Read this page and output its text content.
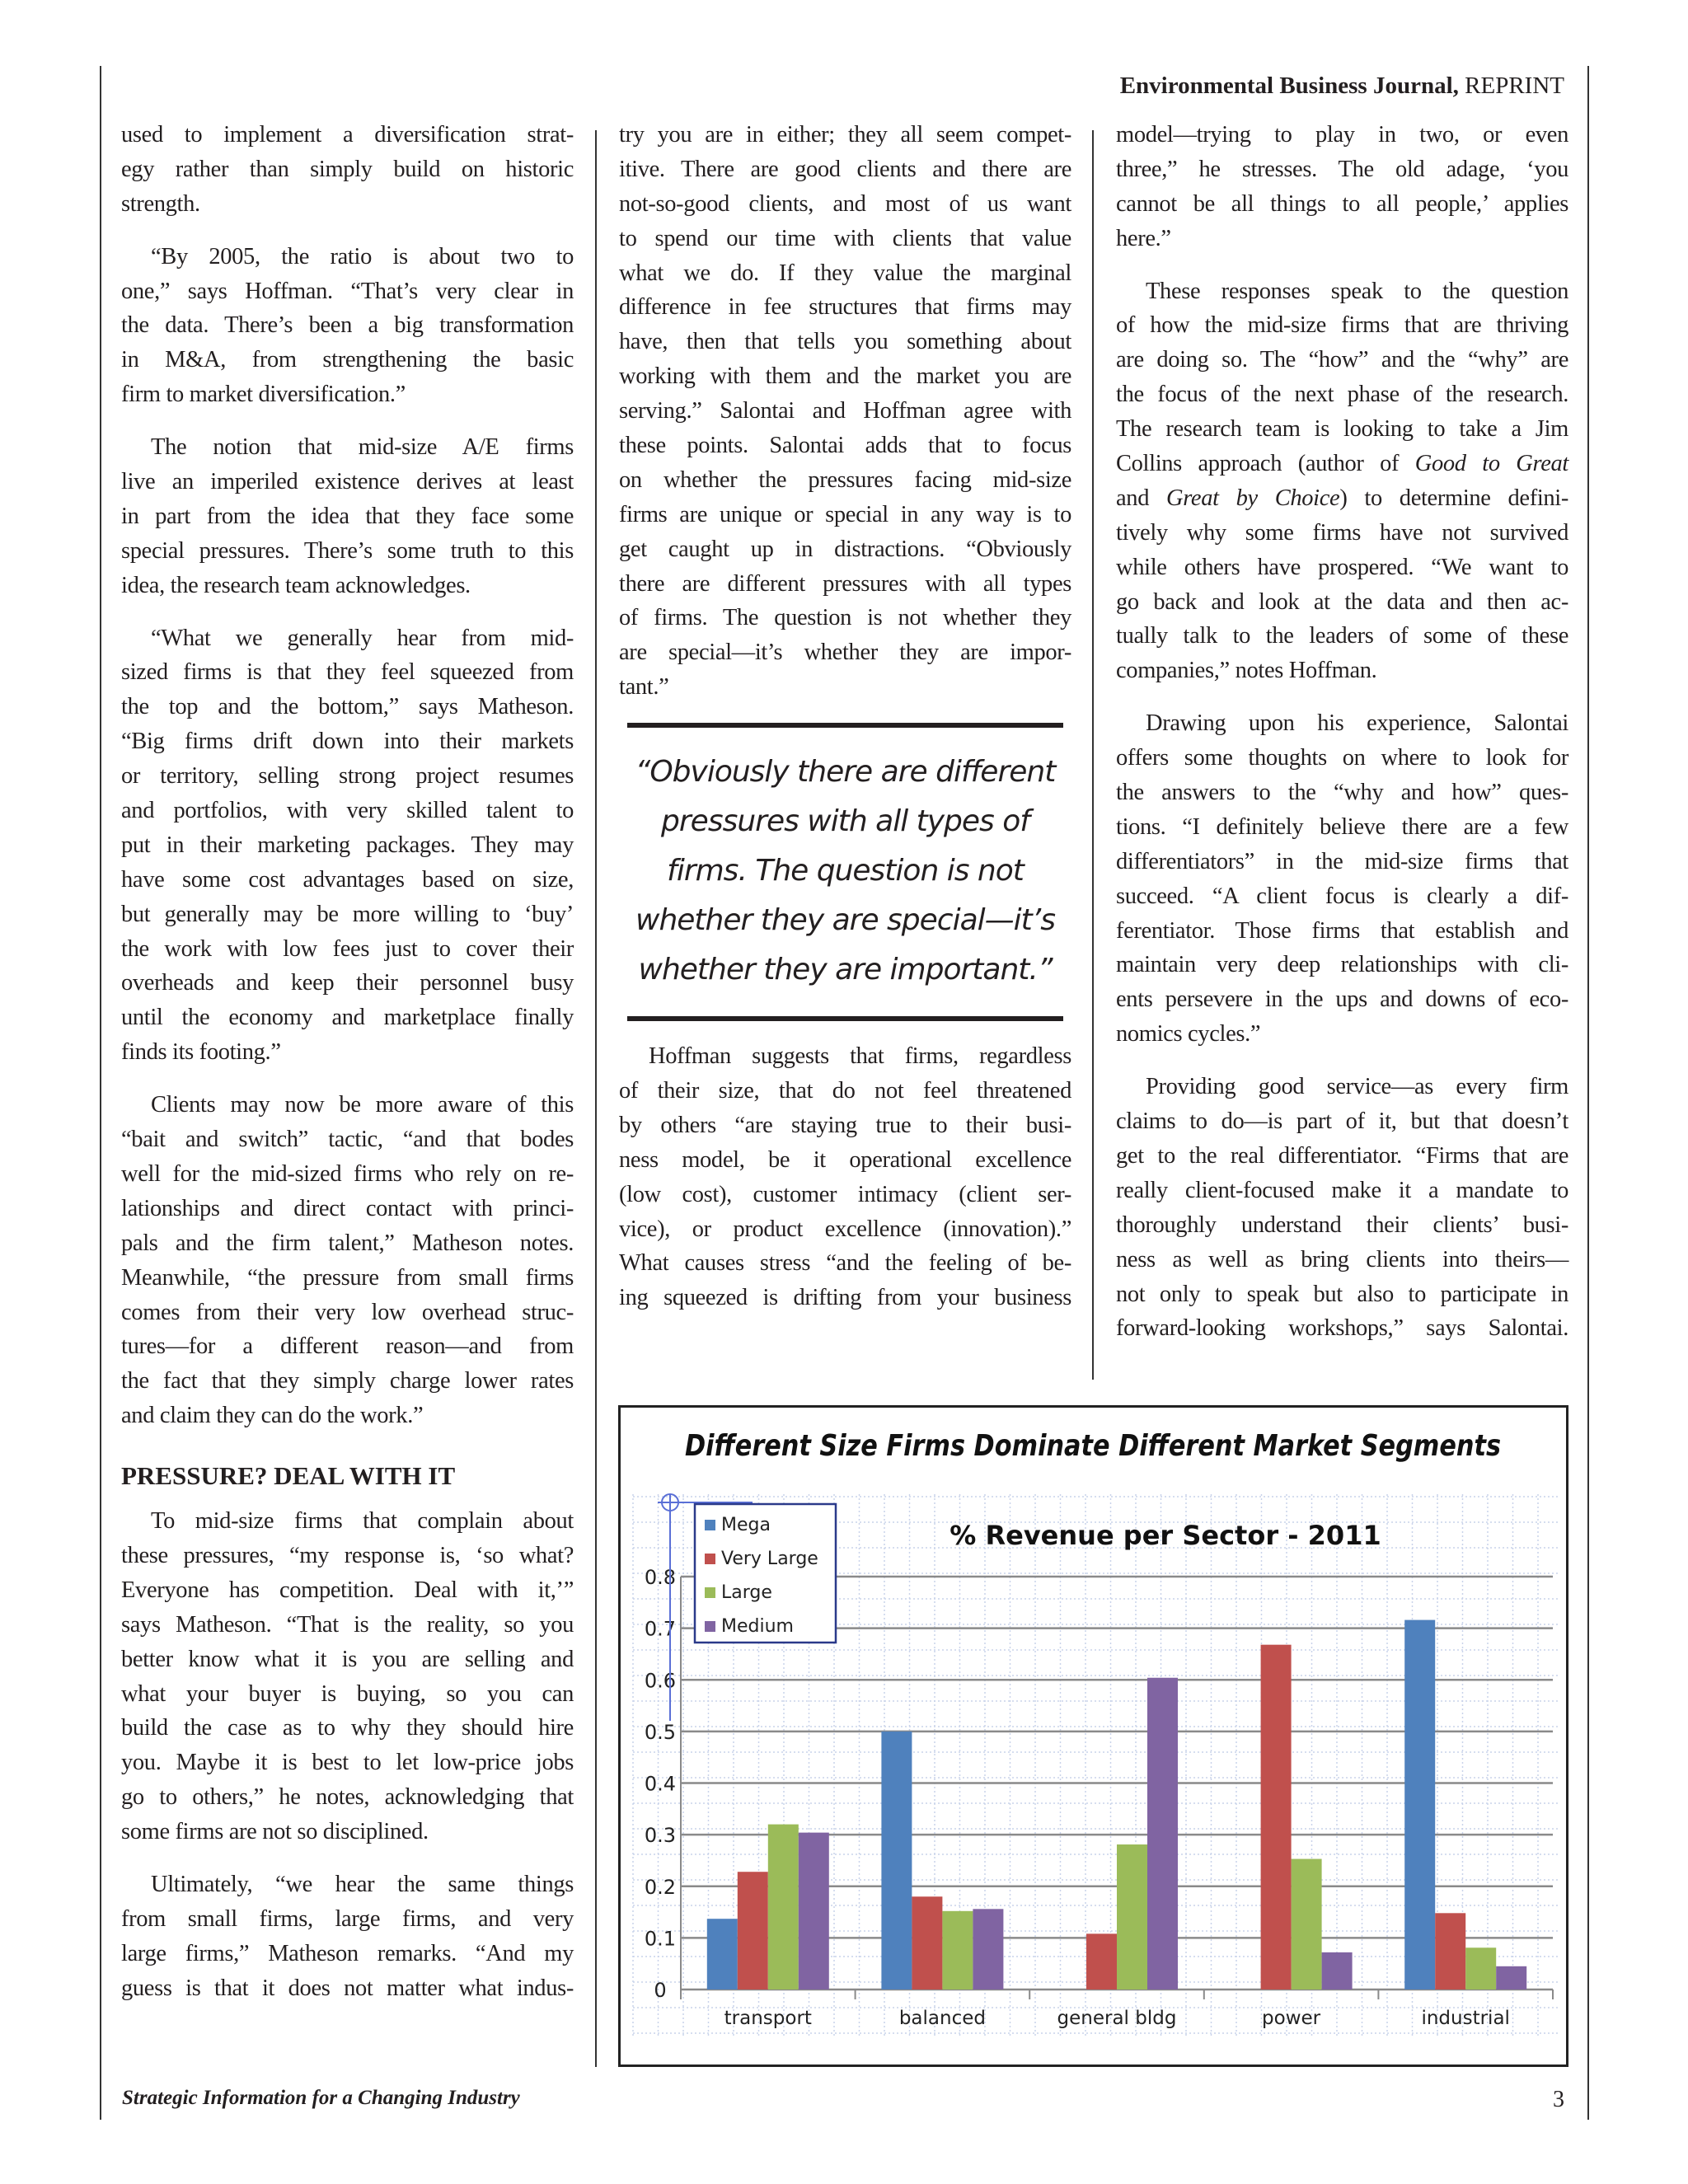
Environmental Business Journal, REPRINT
used to implement a diversification strat-
egy rather than simply build on historic
strength.
“By 2005, the ratio is about two to
one,” says Hoffman. “That’s very clear in
the data. There’s been a big transformation
in M&A, from strengthening the basic
firm to market diversification.”
The notion that mid-size A/E firms
live an imperiled existence derives at least
in part from the idea that they face some
special pressures. There’s some truth to this
idea, the research team acknowledges.
“What we generally hear from mid-
sized firms is that they feel squeezed from
the top and the bottom,” says Matheson.
“Big firms drift down into their markets
or territory, selling strong project resumes
and portfolios, with very skilled talent to
put in their marketing packages. They may
have some cost advantages based on size,
but generally may be more willing to ‘buy’
the work with low fees just to cover their
overheads and keep their personnel busy
until the economy and marketplace finally
finds its footing.”
Clients may now be more aware of this
“bait and switch” tactic, “and that bodes
well for the mid-sized firms who rely on re-
lationships and direct contact with princi-
pals and the firm talent,” Matheson notes.
Meanwhile, “the pressure from small firms
comes from their very low overhead struc-
tures—for a different reason—and from
the fact that they simply charge lower rates
and claim they can do the work.”
PRESSURE? DEAL WITH IT
To mid-size firms that complain about
these pressures, “my response is, ‘so what?
Everyone has competition. Deal with it,’”
says Matheson. “That is the reality, so you
better know what it is you are selling and
what your buyer is buying, so you can
build the case as to why they should hire
you. Maybe it is best to let low-price jobs
go to others,” he notes, acknowledging that
some firms are not so disciplined.
Ultimately, “we hear the same things
from small firms, large firms, and very
large firms,” Matheson remarks. “And my
guess is that it does not matter what indus-
try you are in either; they all seem compet-
itive. There are good clients and there are
not-so-good clients, and most of us want
to spend our time with clients that value
what we do. If they value the marginal
difference in fee structures that firms may
have, then that tells you something about
working with them and the market you are
serving.” Salontai and Hoffman agree with
these points. Salontai adds that to focus
on whether the pressures facing mid-size
firms are unique or special in any way is to
get caught up in distractions. “Obviously
there are different pressures with all types
of firms. The question is not whether they
are special—it’s whether they are impor-
tant.”
“Obviously there are different
pressures with all types of
firms. The question is not
whether they are special—it’s
whether they are important.”
Hoffman suggests that firms, regardless
of their size, that do not feel threatened
by others “are staying true to their busi-
ness model, be it operational excellence
(low cost), customer intimacy (client ser-
vice), or product excellence (innovation).”
What causes stress “and the feeling of be-
ing squeezed is drifting from your business
model—trying to play in two, or even
three,” he stresses. The old adage, ‘you
cannot be all things to all people,’ applies
here.”
These responses speak to the question
of how the mid-size firms that are thriving
are doing so. The “how” and the “why” are
the focus of the next phase of the research.
The research team is looking to take a Jim
Collins approach (author of Good to Great
and Great by Choice) to determine defini-
tively why some firms have not survived
while others have prospered. “We want to
go back and look at the data and then ac-
tually talk to the leaders of some of these
companies,” notes Hoffman.
Drawing upon his experience, Salontai
offers some thoughts on where to look for
the answers to the “why and how” ques-
tions. “I definitely believe there are a few
differentiators” in the mid-size firms that
succeed. “A client focus is clearly a dif-
ferentiator. Those firms that establish and
maintain very deep relationships with cli-
ents persevere in the ups and downs of eco-
nomics cycles.”
Providing good service—as every firm
claims to do—is part of it, but that doesn’t
get to the real differentiator. “Firms that are
really client-focused make it a mandate to
thoroughly understand their clients’ busi-
ness as well as bring clients into theirs—
not only to speak but also to participate in
forward-looking workshops,” says Salontai.
Different Size Firms Dominate Different Market Segments
% Revenue per Sector - 2011
0
0.1
0.2
0.3
0.4
0.5
0.6
0.7
0.8
transport	balanced	general bldg	power	industrial
Mega
Very Large
Large
Medium
Strategic Information for a Changing Industry	3
